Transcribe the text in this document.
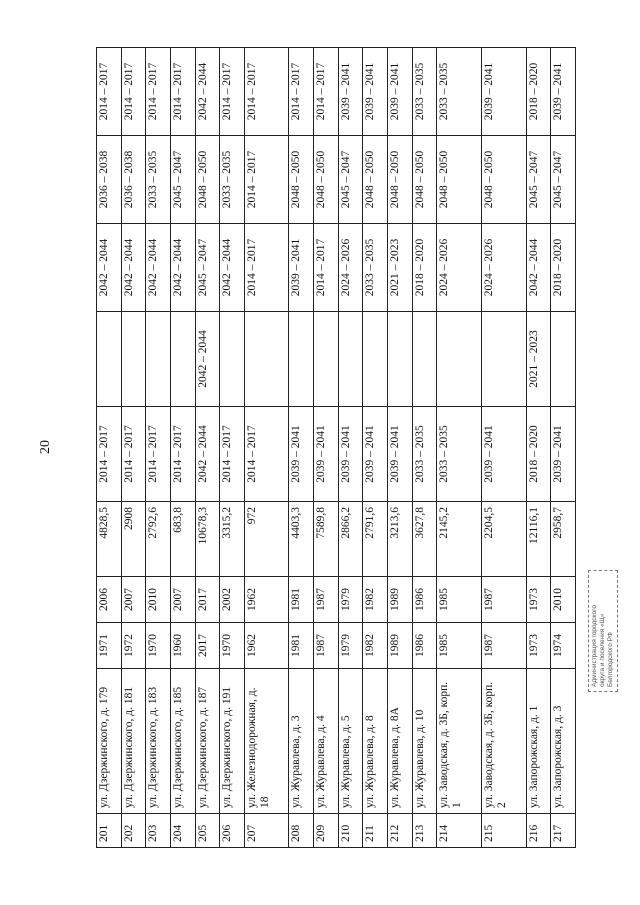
20
201	ул. Дзержинского, д. 179	1971	2006	4828,5	2014 – 2017		2042 – 2044	2036 – 2038	2014 – 2017
202	ул. Дзержинского, д. 181	1972	2007	2908	2014 – 2017		2042 – 2044	2036 – 2038	2014 – 2017
203	ул. Дзержинского, д. 183	1970	2010	2792,6	2014 – 2017		2042 – 2044	2033 – 2035	2014 – 2017
204	ул. Дзержинского, д. 185	1960	2007	683,8	2014 – 2017		2042 – 2044	2045 – 2047	2014 – 2017
205	ул. Дзержинского, д. 187	2017	2017	10678,3	2042 – 2044	2042 – 2044	2045 – 2047	2048 – 2050	2042 – 2044
206	ул. Дзержинского, д. 191	1970	2002	3315,2	2014 – 2017		2042 – 2044	2033 – 2035	2014 – 2017
207	ул. Железнодорожная, д. 18	1962	1962	972	2014 – 2017		2014 – 2017	2014 – 2017	2014 – 2017
208	ул. Журавлева, д. 3	1981	1981	4403,3	2039 – 2041		2039 – 2041	2048 – 2050	2014 – 2017
209	ул. Журавлева, д. 4	1987	1987	7589,8	2039 – 2041		2014 – 2017	2048 – 2050	2014 – 2017
210	ул. Журавлева, д. 5	1979	1979	2866,2	2039 – 2041		2024 – 2026	2045 – 2047	2039 – 2041
211	ул. Журавлева, д. 8	1982	1982	2791,6	2039 – 2041		2033 – 2035	2048 – 2050	2039 – 2041
212	ул. Журавлева, д. 8А	1989	1989	3213,6	2039 – 2041		2021 – 2023	2048 – 2050	2039 – 2041
213	ул. Журавлева, д. 10	1986	1986	3627,8	2033 – 2035		2018 – 2020	2048 – 2050	2033 – 2035
214	ул. Заводская, д. 3Б, корп. 1	1985	1985	2145,2	2033 – 2035		2024 – 2026	2048 – 2050	2033 – 2035
215	ул. Заводская, д. 3Б, корп. 2	1987	1987	2204,5	2039 – 2041		2024 – 2026	2048 – 2050	2039 – 2041
216	ул. Запорожская, д. 1	1973	1973	12116,1	2018 – 2020	2021 – 2023	2042 – 2044	2045 – 2047	2018 – 2020
217	ул. Запорожская, д. 3	1974	2010	2958,7	2039 – 2041		2018 – 2020	2045 – 2047	2039 – 2041
Администрация городского округа и поселения «Щ» Белгородского РФ
